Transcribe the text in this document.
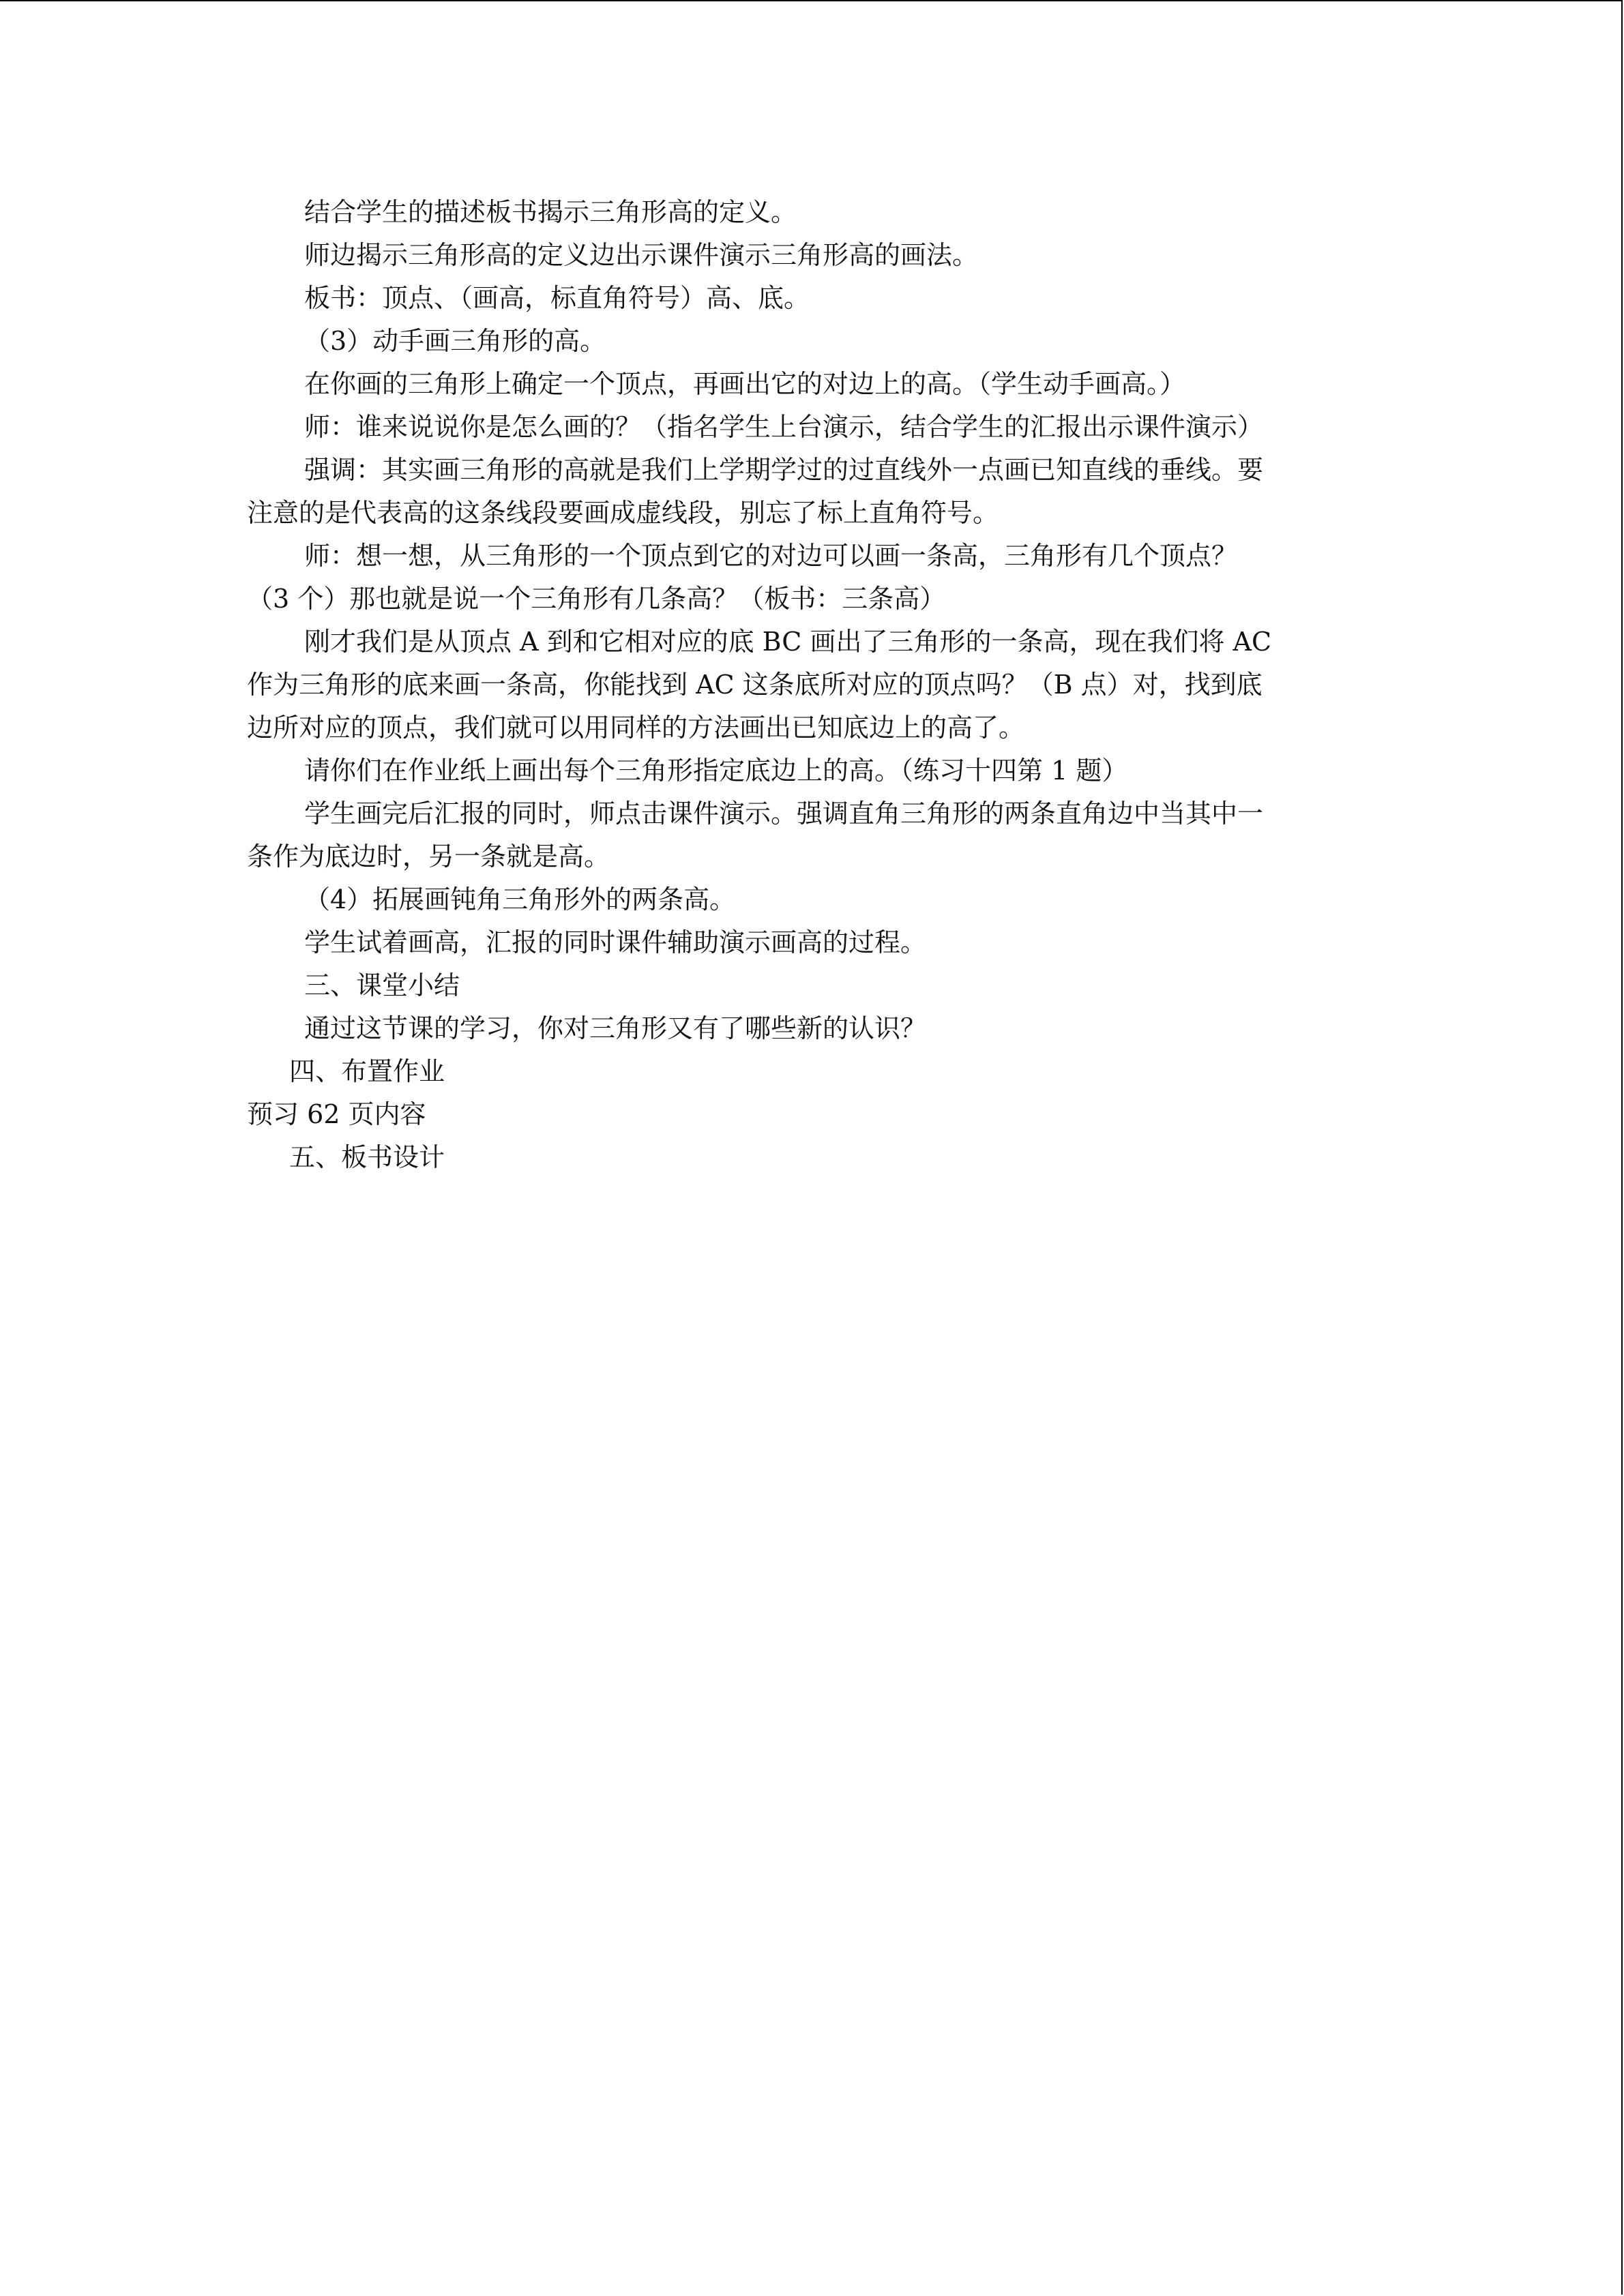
结合学生的描述板书揭示三角形高的定义。

师边揭示三角形高的定义边出示课件演示三角形高的画法。

板书：顶点、（画高，标直角符号）高、底。

（3）动手画三角形的高。

在你画的三角形上确定一个顶点，再画出它的对边上的高。（学生动手画高。）

师：谁来说说你是怎么画的？（指名学生上台演示，结合学生的汇报出示课件演示）

强调：其实画三角形的高就是我们上学期学过的过直线外一点画已知直线的垂线。要
注意的是代表高的这条线段要画成虚线段，别忘了标上直角符号。

师：想一想，从三角形的一个顶点到它的对边可以画一条高，三角形有几个顶点？
（3 个）那也就是说一个三角形有几条高？（板书：三条高）

刚才我们是从顶点 A 到和它相对应的底 BC 画出了三角形的一条高，现在我们将 AC
作为三角形的底来画一条高，你能找到 AC 这条底所对应的顶点吗？（B 点）对，找到底
边所对应的顶点，我们就可以用同样的方法画出已知底边上的高了。

请你们在作业纸上画出每个三角形指定底边上的高。（练习十四第 1 题）

学生画完后汇报的同时，师点击课件演示。强调直角三角形的两条直角边中当其中一
条作为底边时，另一条就是高。

（4）拓展画钝角三角形外的两条高。

学生试着画高，汇报的同时课件辅助演示画高的过程。

三、课堂小结

通过这节课的学习，你对三角形又有了哪些新的认识？

四、布置作业

预习 62 页内容

五、板书设计
